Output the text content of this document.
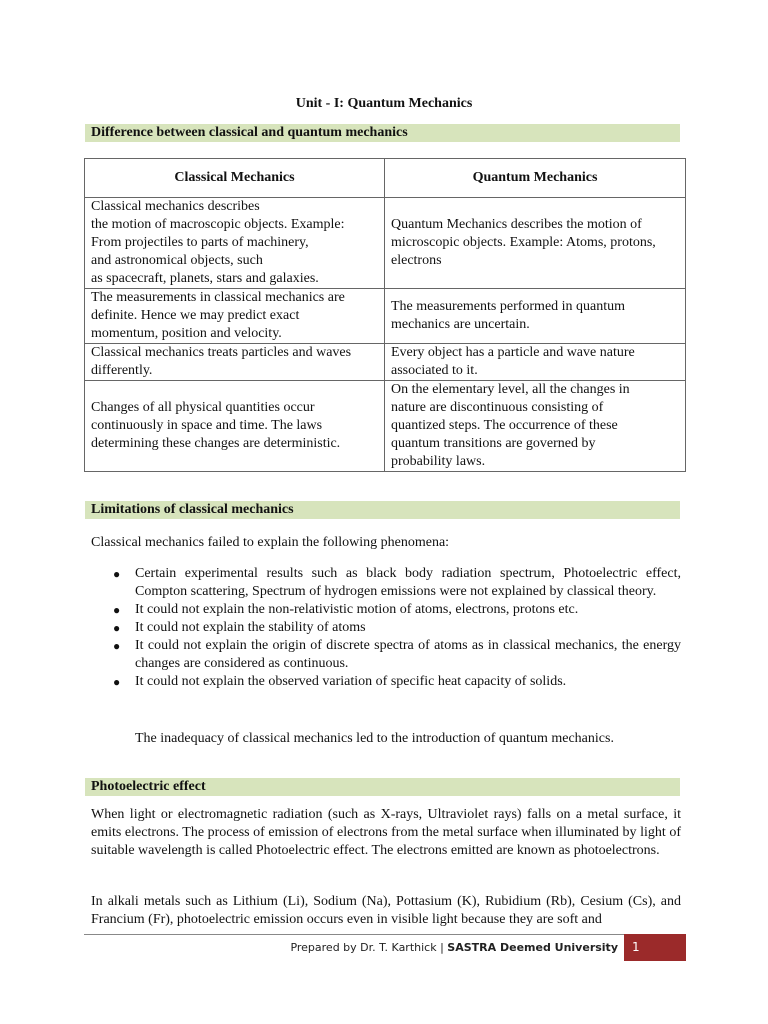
Unit - I: Quantum Mechanics
Difference between classical and quantum mechanics
Classical Mechanics	Quantum Mechanics

Classical mechanics describes
the motion of macroscopic objects. Example:
From projectiles to parts of machinery,
and astronomical objects, such
as spacecraft, planets, stars and galaxies.	Quantum Mechanics describes the motion of
microscopic objects. Example: Atoms, protons,
electrons

The measurements in classical mechanics are
definite. Hence we may predict exact
momentum, position and velocity.	The measurements performed in quantum
mechanics are uncertain.

Classical mechanics treats particles and waves
differently.	Every object has a particle and wave nature
associated to it.

Changes of all physical quantities occur
continuously in space and time. The laws
determining these changes are deterministic.	On the elementary level, all the changes in
nature are discontinuous consisting of
quantized steps. The occurrence of these
quantum transitions are governed by
probability laws.
Limitations of classical mechanics
Classical mechanics failed to explain the following phenomena:
● Certain experimental results such as black body radiation spectrum, Photoelectric effect, Compton scattering, Spectrum of hydrogen emissions were not explained by classical theory.
● It could not explain the non-relativistic motion of atoms, electrons, protons etc.
● It could not explain the stability of atoms
● It could not explain the origin of discrete spectra of atoms as in classical mechanics, the energy changes are considered as continuous.
● It could not explain the observed variation of specific heat capacity of solids.
The inadequacy of classical mechanics led to the introduction of quantum mechanics.
Photoelectric effect
When light or electromagnetic radiation (such as X-rays, Ultraviolet rays) falls on a metal surface, it emits electrons. The process of emission of electrons from the metal surface when illuminated by light of suitable wavelength is called Photoelectric effect. The electrons emitted are known as photoelectrons.
In alkali metals such as Lithium (Li), Sodium (Na), Pottasium (K), Rubidium (Rb), Cesium (Cs), and Francium (Fr), photoelectric emission occurs even in visible light because they are soft and
Prepared by Dr. T. Karthick | SASTRA Deemed University	1
